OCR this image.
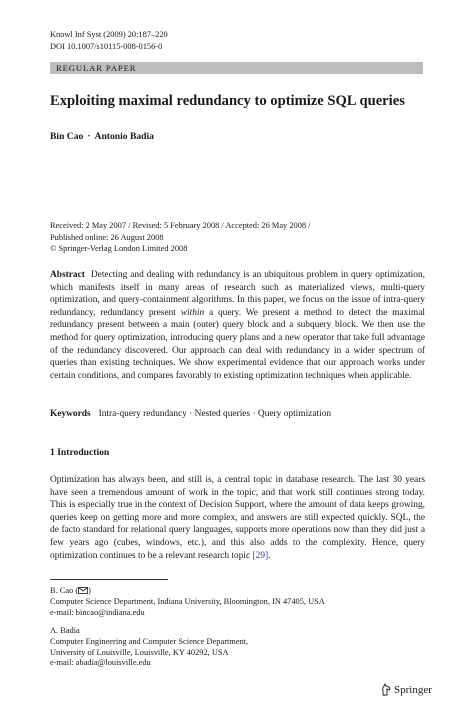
Knowl Inf Syst (2009) 20:187–220
DOI 10.1007/s10115-008-0156-0
REGULAR PAPER
Exploiting maximal redundancy to optimize SQL queries
Bin Cao · Antonio Badia
Received: 2 May 2007 / Revised: 5 February 2008 / Accepted: 26 May 2008 /
Published online: 26 August 2008
© Springer-Verlag London Limited 2008
Abstract Detecting and dealing with redundancy is an ubiquitous problem in query optimization, which manifests itself in many areas of research such as materialized views, multi-query optimization, and query-containment algorithms. In this paper, we focus on the issue of intra-query redundancy, redundancy present within a query. We present a method to detect the maximal redundancy present between a main (outer) query block and a subquery block. We then use the method for query optimization, introducing query plans and a new operator that take full advantage of the redundancy discovered. Our approach can deal with redundancy in a wider spectrum of queries than existing techniques. We show experimental evidence that our approach works under certain conditions, and compares favorably to existing optimization techniques when applicable.
Keywords Intra-query redundancy · Nested queries · Query optimization
1 Introduction
Optimization has always been, and still is, a central topic in database research. The last 30 years have seen a tremendous amount of work in the topic, and that work still continues strong today. This is especially true in the context of Decision Support, where the amount of data keeps growing, queries keep on getting more and more complex, and answers are still expected quickly. SQL, the de facto standard for relational query languages, supports more operations now than they did just a few years ago (cubes, windows, etc.), and this also adds to the complexity. Hence, query optimization continues to be a relevant research topic [29].
B. Cao ( )
Computer Science Department, Indiana University, Bloomington, IN 47405, USA
e-mail: bincao@indiana.edu
A. Badia
Computer Engineering and Computer Science Department,
University of Louisville, Louisville, KY 40292, USA
e-mail: abadia@louisville.edu
Springer
